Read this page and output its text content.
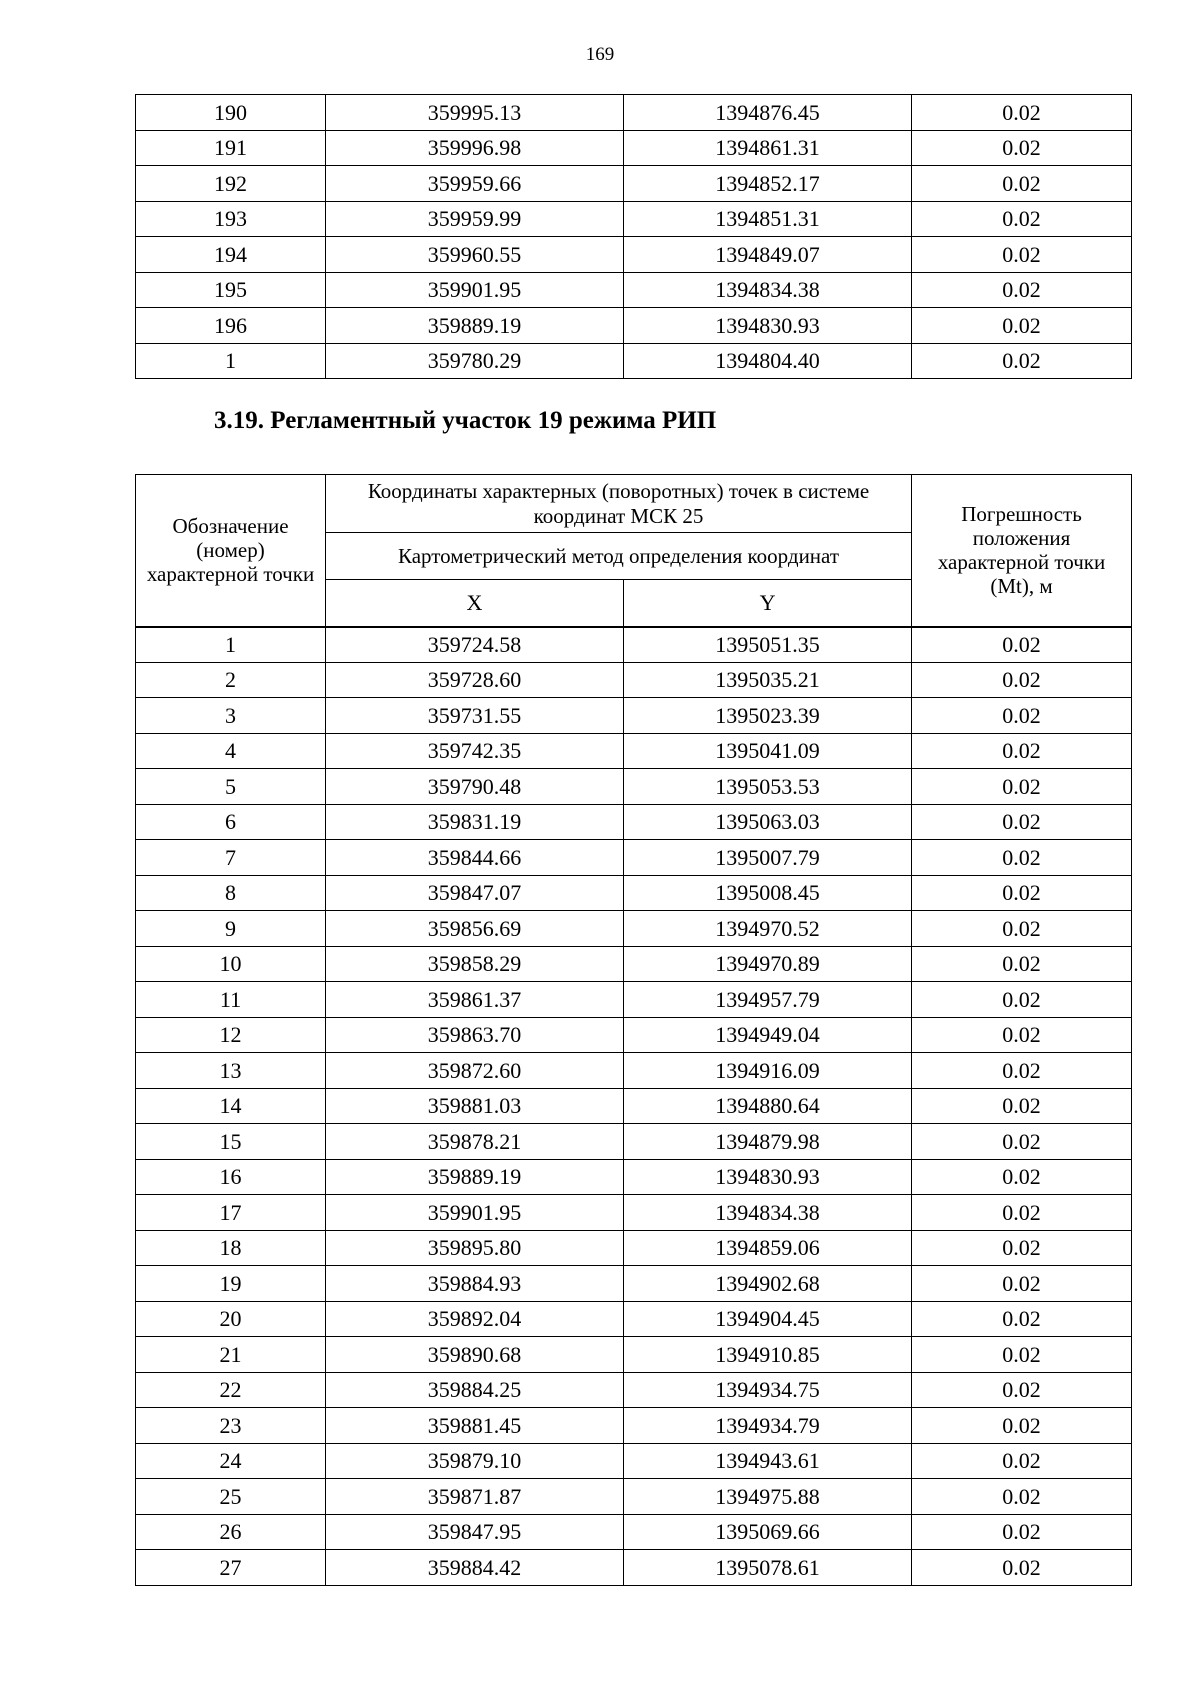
169
190	359995.13	1394876.45	0.02
191	359996.98	1394861.31	0.02
192	359959.66	1394852.17	0.02
193	359959.99	1394851.31	0.02
194	359960.55	1394849.07	0.02
195	359901.95	1394834.38	0.02
196	359889.19	1394830.93	0.02
1	359780.29	1394804.40	0.02
3.19. Регламентный участок 19 режима РИП
Обозначение (номер) характерной точки	Координаты характерных (поворотных) точек в системе координат МСК 25		Погрешность положения характерной точки (Mt), м
	Картометрический метод определения координат		
	X	Y	
1	359724.58	1395051.35	0.02
2	359728.60	1395035.21	0.02
3	359731.55	1395023.39	0.02
4	359742.35	1395041.09	0.02
5	359790.48	1395053.53	0.02
6	359831.19	1395063.03	0.02
7	359844.66	1395007.79	0.02
8	359847.07	1395008.45	0.02
9	359856.69	1394970.52	0.02
10	359858.29	1394970.89	0.02
11	359861.37	1394957.79	0.02
12	359863.70	1394949.04	0.02
13	359872.60	1394916.09	0.02
14	359881.03	1394880.64	0.02
15	359878.21	1394879.98	0.02
16	359889.19	1394830.93	0.02
17	359901.95	1394834.38	0.02
18	359895.80	1394859.06	0.02
19	359884.93	1394902.68	0.02
20	359892.04	1394904.45	0.02
21	359890.68	1394910.85	0.02
22	359884.25	1394934.75	0.02
23	359881.45	1394934.79	0.02
24	359879.10	1394943.61	0.02
25	359871.87	1394975.88	0.02
26	359847.95	1395069.66	0.02
27	359884.42	1395078.61	0.02
